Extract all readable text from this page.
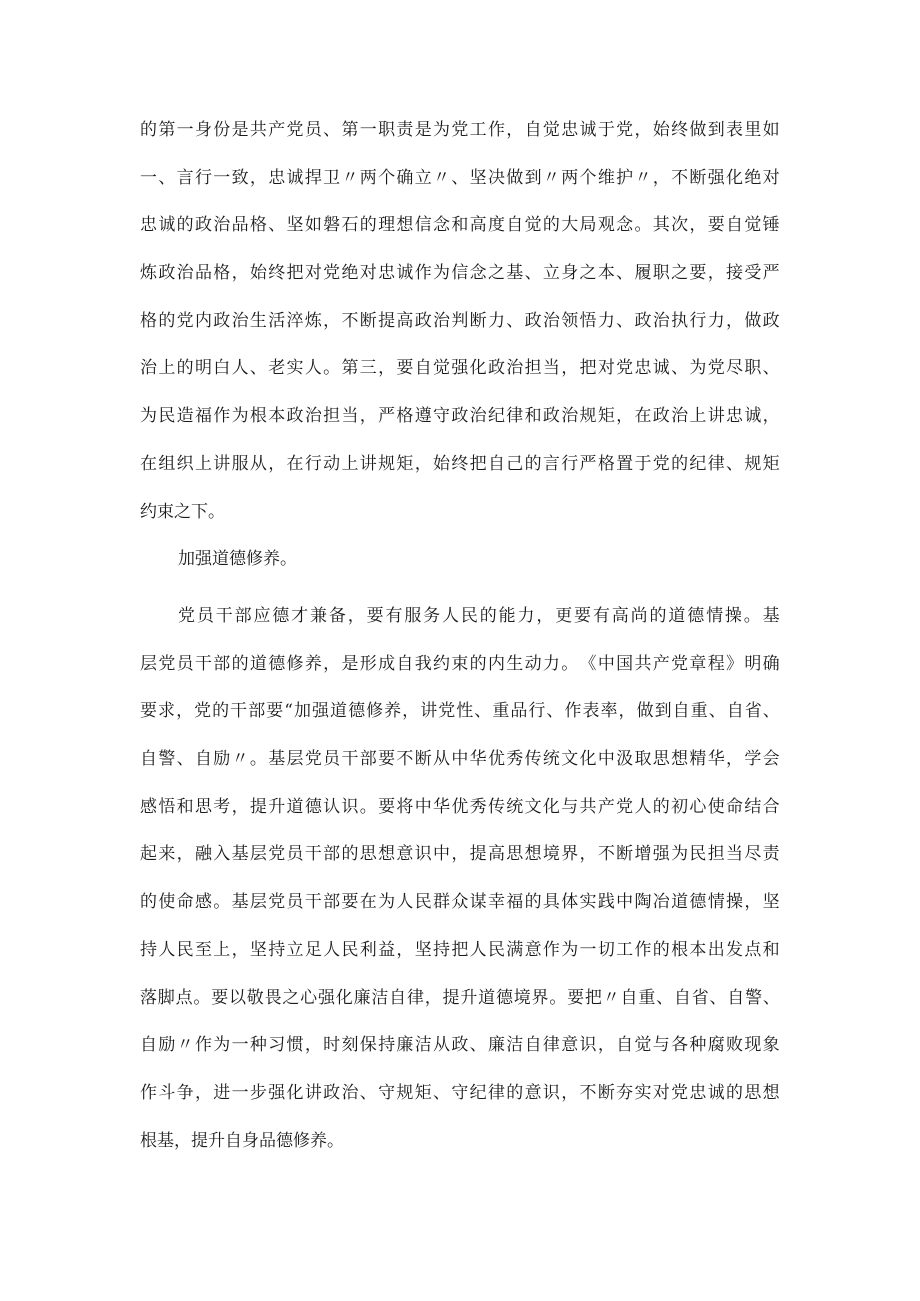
的 第 一 身 份 是 共 产 党 员 、 第 一 职 责 是 为 党 工 作 ， 自 觉 忠 诚 于 党 ， 始 终 做 到 表 里 如
一 、 言 行 一 致 ， 忠 诚 捍 卫 〃 两 个 确 立 〃 、 坚 决 做 到 〃 两 个 维 护 〃 ， 不 断 强 化 绝 对
忠 诚 的 政 治 品 格 、 坚 如 磐 石 的 理 想 信 念 和 高 度 自 觉 的 大 局 观 念 。 其 次 ， 要 自 觉 锤
炼 政 治 品 格 ， 始 终 把 对 党 绝 对 忠 诚 作 为 信 念 之 基 、 立 身 之 本 、 履 职 之 要 ， 接 受 严
格 的 党 内 政 治 生 活 淬 炼 ， 不 断 提 高 政 治 判 断 力 、 政 治 领 悟 力 、 政 治 执 行 力 ， 做 政
治 上 的 明 白 人 、 老 实 人 。 第 三 ， 要 自 觉 强 化 政 治 担 当 ， 把 对 党 忠 诚 、 为 党 尽 职 、
为 民 造 福 作 为 根 本 政 治 担 当 ， 严 格 遵 守 政 治 纪 律 和 政 治 规 矩 ， 在 政 治 上 讲 忠 诚 ，
在 组 织 上 讲 服 从 ， 在 行 动 上 讲 规 矩 ， 始 终 把 自 己 的 言 行 严 格 置 于 党 的 纪 律 、 规 矩
约束之下。
加强道德修养。
党 员 干 部 应 德 才 兼 备 ， 要 有 服 务 人 民 的 能 力 ， 更 要 有 高 尚 的 道 德 情 操 。 基
层 党 员 干 部 的 道 德 修 养 ， 是 形 成 自 我 约 束 的 内 生 动 力 。 《 中 国 共 产 党 章 程 》 明 确
要 求 ， 党 的 干 部 要 “ 加 强 道 德 修 养 ， 讲 党 性 、 重 品 行 、 作 表 率 ， 做 到 自 重 、 自 省 、
自 警 、 自 励 〃 。 基 层 党 员 干 部 要 不 断 从 中 华 优 秀 传 统 文 化 中 汲 取 思 想 精 华 ， 学 会
感 悟 和 思 考 ， 提 升 道 德 认 识 。 要 将 中 华 优 秀 传 统 文 化 与 共 产 党 人 的 初 心 使 命 结 合
起 来 ， 融 入 基 层 党 员 干 部 的 思 想 意 识 中 ， 提 高 思 想 境 界 ， 不 断 增 强 为 民 担 当 尽 责
的 使 命 感 。 基 层 党 员 干 部 要 在 为 人 民 群 众 谋 幸 福 的 具 体 实 践 中 陶 冶 道 德 情 操 ， 坚
持 人 民 至 上 ， 坚 持 立 足 人 民 利 益 ， 坚 持 把 人 民 满 意 作 为 一 切 工 作 的 根 本 出 发 点 和
落 脚 点 。 要 以 敬 畏 之 心 强 化 廉 洁 自 律 ， 提 升 道 德 境 界 。 要 把 〃 自 重 、 自 省 、 自 警 、
自 励 〃 作 为 一 种 习 惯 ， 时 刻 保 持 廉 洁 从 政 、 廉 洁 自 律 意 识 ， 自 觉 与 各 种 腐 败 现 象
作 斗 争 ， 进 一 步 强 化 讲 政 治 、 守 规 矩 、 守 纪 律 的 意 识 ， 不 断 夯 实 对 党 忠 诚 的 思 想
根基，提升自身品德修养。
